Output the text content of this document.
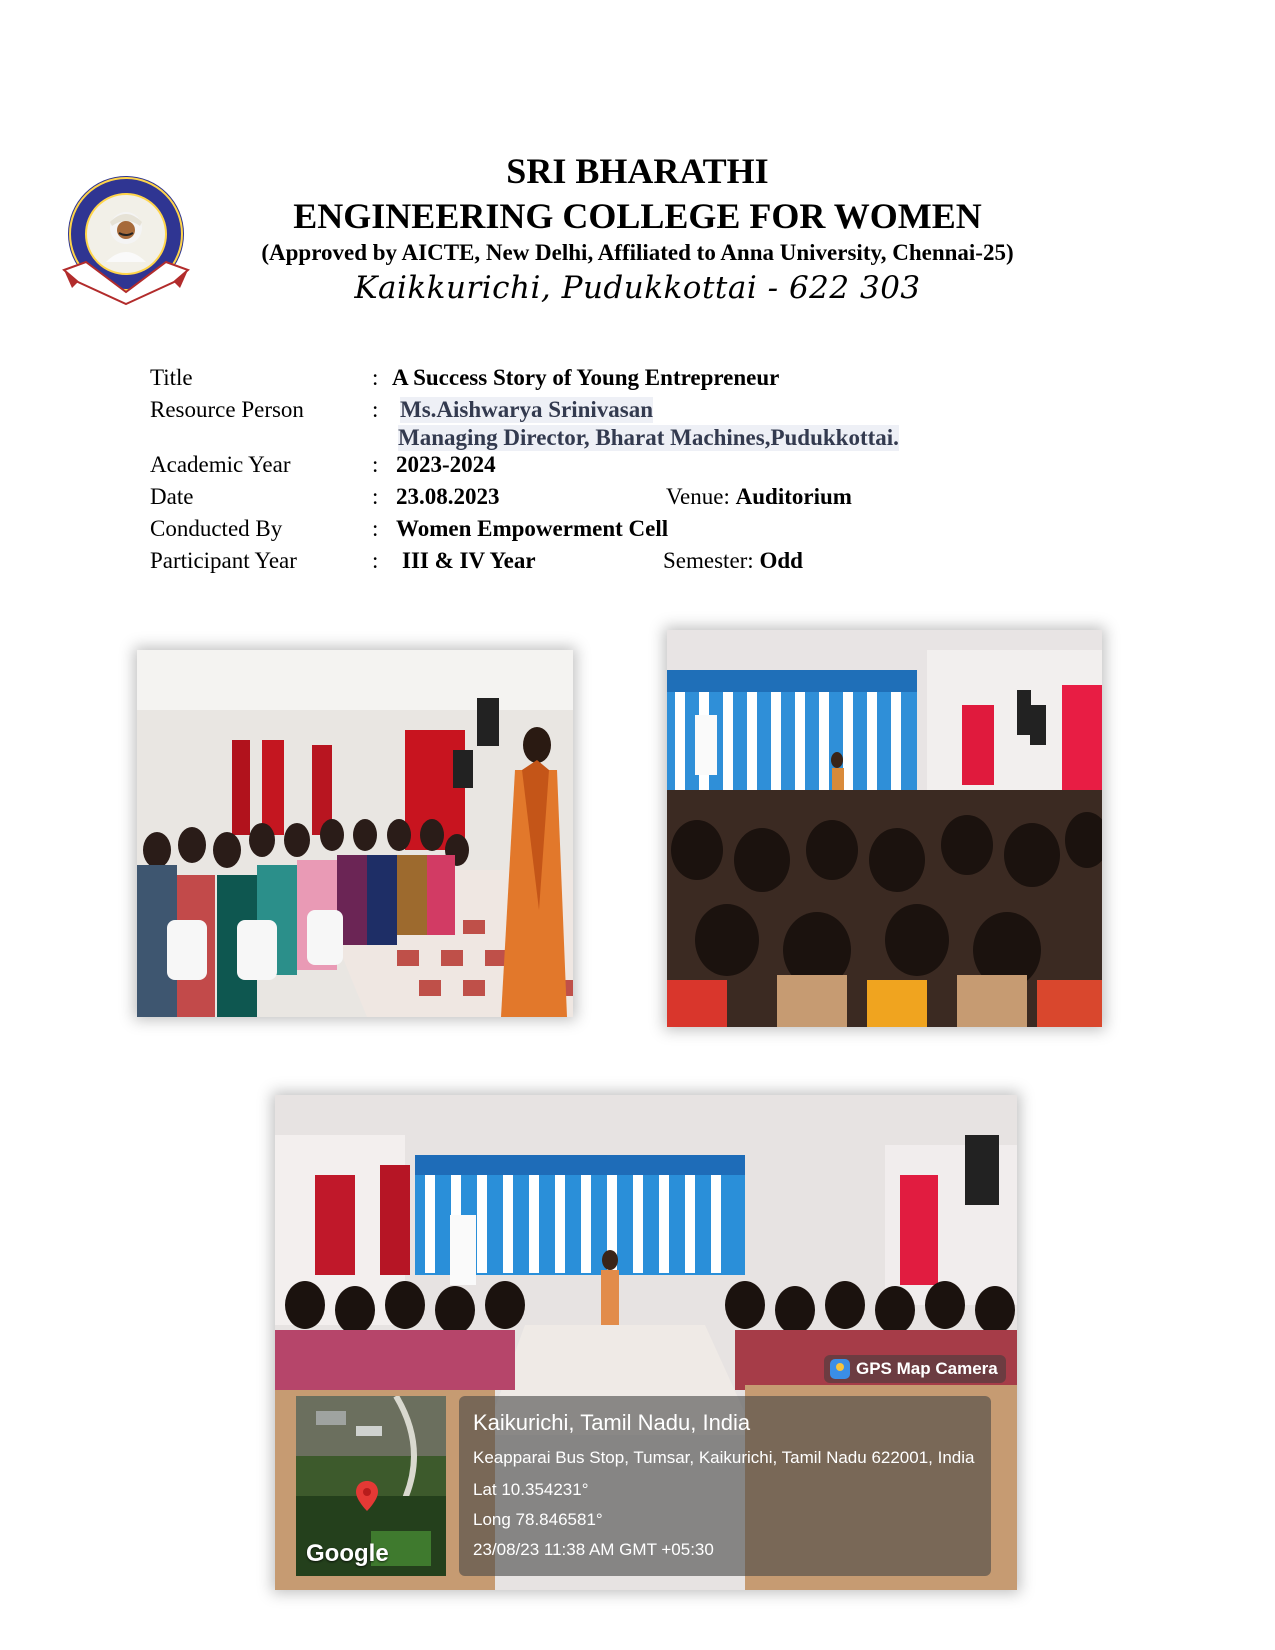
SRI BHARATHI
ENGINEERING COLLEGE FOR WOMEN
(Approved by AICTE, New Delhi, Affiliated to Anna University, Chennai-25)
Kaikkurichi, Pudukkottai - 622 303
Title	: A Success Story of Young Entrepreneur
Resource Person	: Ms.Aishwarya Srinivasan
Managing Director, Bharat Machines,Pudukkottai.
Academic Year	: 2023-2024
Date	: 23.08.2023	Venue: Auditorium
Conducted By	: Women Empowerment Cell
Participant Year	: III & IV Year	Semester: Odd
Google
GPS Map Camera
Kaikurichi, Tamil Nadu, India
Keapparai Bus Stop, Tumsar, Kaikurichi, Tamil Nadu 622001, India
Lat 10.354231°
Long 78.846581°
23/08/23 11:38 AM GMT +05:30
